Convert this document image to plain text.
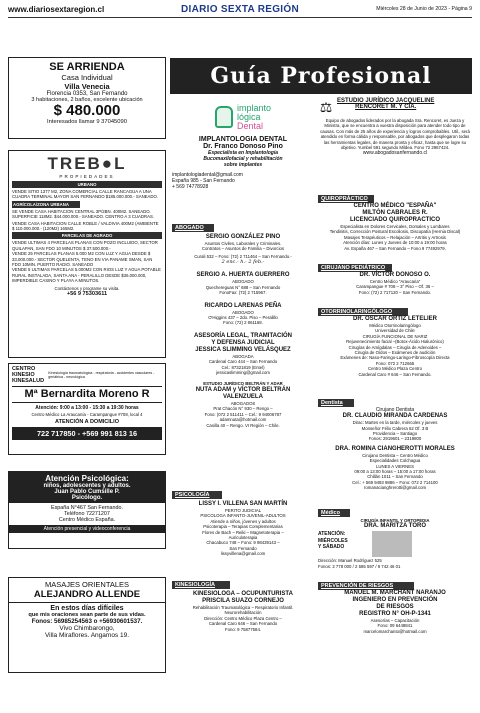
www.diariosextaregion.cl	DIARIO SEXTA REGIÓN	Miércoles 28 de Junio de 2023 - Página 9
SE ARRIENDA
Casa Individual
Villa Venecia
Florencia 0353, San Fernando
3 habitaciones, 2 baños, excelente ubicación
$ 480.000
Interesados llamar 9 37045090
TREB●L
PROPIEDADES
URBANO
VENDE SITIO 1377 M2, ZONA COMERCIAL CALLE RANCAGUA A UNA CUADRA TERMINAL MAYOR SAN FERNANDO $185.000.000.- SANEADO.
AGRÍCOLA/ZONA URBANA
SE VENDE CASA HABITACION CENTRAL 3P/2BN. 400M2. SANEADO. SUPERFICIE 118M2. $44.000.000.- SANEADO. CENTRO A 3 CUADRAS.
VENDE CASA HABITACION CALLE ROBLE / VALDIVIA 400M2 (AMBIENTE $ 110.000.000.- (120M2) 165M2.
PARCELAS DE AGRADO
VENDE ULTIMAS 4 PARCELAS PLANAS CON POZO INCLUIDO, SECTOR QUILAPAN, SAN FDO 10 MINUTOS $ 37.500.000.-
VENDE 25 PARCELAS PLANAS 5.000 M2 CON LUZ Y AGUA DESDE $ 33.000.000.- SECTOR QUELENTA, TENO EN VIA PANAME SMAN, SAN FDO 10MIN. PUERTO RADIO. SANEADO
VENDE 5 ULTIMAS PARCELAS 5.000M2 CON RIOS LUZ Y AGUA POTABLE RURAL INSTALADA, SANTA ANA - PERALILLO DESDE $36.000.000, IMPERDIBLE CASINO Y PLAYA A MINUTOS.
Contáctenos y programe su visita.
+56 9 75303611
CENTRO KINESIO KINESALUD
Kinesiología traumatológica - respiratoria - accidentes vasculares - geriátrica - neurológica
Mª Bernardita Moreno R
Atención: 9:00 a 13:00 - 15:30 a 19:30 horas
Centro Médico La Araucanía - Carampangue #708, local 4
ATENCIÓN A DOMICILIO
722 717850 - +569 991 813 16
Atención Psicológica:
niños, adolescentes y adultos.
Juan Pablo Cumsille P.
Psicólogo.
España N°467 San Fernando.
Teléfono 72271207
Centro Médico España.
Atención presencial y videoconferencia
MASAJES ORIENTALES
ALEJANDRO ALLENDE
En estos días difíciles
que mis oraciones sean parte de sus vidas.
Fonos: 56985254563 o +56930601537.
Vivo Chimbarongo,
Villa Miraflores. Angamos 19.
Guía Profesional
implanto
lógica
Dental
IMPLANTOLOGIA DENTAL
Dr. Franco Donoso Pino
Especialista en Implantología
Bucomaxilofacial y rehabilitación
sobre implantes
implantologiadental@gmail.com
España 985 - San Fernando
+ 569 74778928
ABOGADO
SERGIO GONZÁLEZ PINO
Asuntos Civiles, Laborales y Criminales.
Contratos – Asuntos de Familia – Divorcios
Curali 532 – Fono: (72) 2 711464 – San Fernando.-
2 enc.- h.- 2 feb.-
SERGIO A. HUERTA GUERRERO
ABOGADO
Quechereguas N° 688 – San Fernando
FonoFax: (72) 2 715967.
RICARDO LARENAS PEÑA
ABOGADO
O'Higgins 437 – 2do. Piso – Peralillo
Fono: (72) 2 861168.
ASESORÍA LEGAL, TRAMITACIÓN
Y DEFENSA JUDICIAL
JESSICA SLIMMING VELÁSQUEZ
ABOGADA
Cardenal Caro 444 – San Fernando
Cel.: 87321819 (Entel)
jessicaslimming@gmail.com
ESTUDIO JURÍDICO BELTRÁN Y ADAR
NUTA ADAM y VÍCTOR BELTRÁN
VALENZUELA
ABOGADOS
Prat Chacón N° 930 – Rengo –
Fono: (072 2 511411 – Cel.: 9 94006787
adamnuta@hotmail.com
Casilla 40 – Rengo. VI Región – Chile.
PSICOLOGÍA
LISSY I. VILLENA SAN MARTÍN
PERITO JUDICIAL
PSICOLOGA INFANTO-JUVENIL-ADULTOS
Atiende a niños, jóvenes y adultos
Psicoterapia – Terapias Complementarias
Flores de Bach – Reiki – Magnetoterapia –
Auriculoterapia
Chacabuco 748 – Fono: 9 98439143 –
San Fernando
lissyvillena@gmail.com
KINESIOLOGÍA
KINESIOLOGA – OCUPUNTURISTA
PRISCILA SUAZO CORNEJO
Rehabilitación Traumatológica – Respiratorio Infantil.
Neurorehabilitación
Dirección: Centro Médico Plaza Centro –
Cardenal Caro 646 – San Fernando
Fono: 9 75877584.
⚖ ESTUDIO JURÍDICO JACQUELINE
RENCORET M. Y CÍA.
Equipo de abogados liderados por la abogada Sra. Rencoret, es Jueza y Ministra, que se encuentra a vuestra disposición para atender todo tipo de causas. Con más de 25 años de experiencia y logros comprobables. Util., será atendido en forma cálida y responsable, por abogados que desplegaron todas las herramientas legales, de manera pronta y eficaz, hasta que se logre su objetivo. Yumbel 591 segundo Mildea. Fono 72 2967424.
www.abogadosanfernando.cl
QUIROPRÁCTICO
CENTRO MÉDICO "ESPAÑA"
MILTÓN CABRALES R.
LICENCIADO QUIROPRACTICO
Especialista en Dolores Cervicales, Dorsales y Lumbares
Tendinitis, Corrección Postural Escoliosis, Discopatía (Hernia Discal)
Masajes Terapéuticos – Relajación – Artritis y Artrosis
Atención días: Lunes y Jueves de 10:00 a 19:00 horas
Av. España 467 – San Fernando – Fono 9 77492979.
CIRUJANO PEDIÁTRICO
DR. VÍCTOR DONOSO O.
Centro Médico "Araucaria"
Carampangue # 708 – 3° Piso – Of. 36 –
Fono: (72) 2 717120 – San Fernando.
OTORRINOLARINGÓLOGO
DR. OSCAR ORTIZ LETELIER
Médico Otorrinolaringólogo
Universidad de Chile
CIRUGÍA FUNCIONAL DE NARIZ
Rejuvenecimiento facial –(Botox-Ácido Hialurónico)
Cirugías de Amígdalas – Cirugía de Adenoides –
Cirugía de Oídos – Exámenes de audición
Exámenes de: Naso-Faringo-Laringo-Fibroscopía Directa
Fono: 072 2 712665
Centro Médico Plaza Centro
Cardenal Caro # 646 – San Fernando.
Dentista
Cirujano Dentista
DR. CLAUDIO MIRANDA CARDENAS
Dirac: Martes en la tarde, miércoles y jueves
Monseñor Félix Cabrera 62 Of. 3 B
Providencia – Santiago
Fonos: 2919601 – 2319800
DRA. ROMINA CIANGHEROTTI MORALES
Cirujano Dentista – Centro Médico
Especialidades Colchagua
LUNES A VIERNES
09:00 a 13:00 horas – 15:00 a 17:00 horas
Chillán 1011 – San Fernando
Cel.: + 569 9493 9886 – Fono: 072 2 714100
romanacianghrerotti@gmail.com
Médico
CIRUGÍA INFANTIL Y ORTOPEDIA
DRA. MARITZA TORO
ATENCIÓN:
MIÉRCOLES
Y SÁBADO
Dirección: Manuel Rodríguez 525
Fonos: 2 778 000 / 2 585 597 / 9 742 46 01
PREVENCIÓN DE RIESGOS
MANUEL M. MARCHANT NARANJO
INGENIERO EN PREVENCIÓN
DE RIESGOS
REGISTRO N° OH-P-1341
Asesorías – Capacitación
Fono: 09 6448841
marcelomarchanto@hotmail.com
